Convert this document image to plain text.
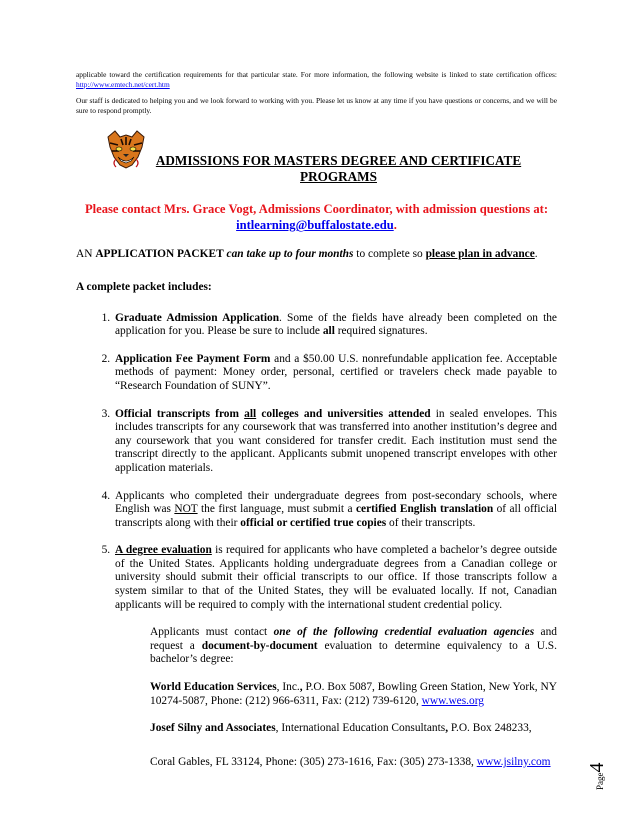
applicable toward the certification requirements for that particular state. For more information, the following website is linked to state certification offices: http://www.emtech.net/cert.htm

Our staff is dedicated to helping you and we look forward to working with you. Please let us know at any time if you have questions or concerns, and we will be sure to respond promptly.

ADMISSIONS FOR MASTERS DEGREE AND CERTIFICATE PROGRAMS
Please contact Mrs. Grace Vogt, Admissions Coordinator, with admission questions at: intlearning@buffalostate.edu.
AN APPLICATION PACKET can take up to four months to complete so please plan in advance.
A complete packet includes:
1. Graduate Admission Application. Some of the fields have already been completed on the application for you. Please be sure to include all required signatures.
2. Application Fee Payment Form and a $50.00 U.S. nonrefundable application fee. Acceptable methods of payment: Money order, personal, certified or travelers check made payable to “Research Foundation of SUNY”.
3. Official transcripts from all colleges and universities attended in sealed envelopes. This includes transcripts for any coursework that was transferred into another institution’s degree and any coursework that you want considered for transfer credit. Each institution must send the transcript directly to the applicant. Applicants submit unopened transcript envelopes with other application materials.
4. Applicants who completed their undergraduate degrees from post-secondary schools, where English was NOT the first language, must submit a certified English translation of all official transcripts along with their official or certified true copies of their transcripts.
5. A degree evaluation is required for applicants who have completed a bachelor’s degree outside of the United States. Applicants holding undergraduate degrees from a Canadian college or university should submit their official transcripts to our office. If those transcripts follow a system similar to that of the United States, they will be evaluated locally. If not, Canadian applicants will be required to comply with the international student credential policy.

Applicants must contact one of the following credential evaluation agencies and request a document-by-document evaluation to determine equivalency to a U.S. bachelor’s degree:

World Education Services, Inc., P.O. Box 5087, Bowling Green Station, New York, NY 10274-5087, Phone: (212) 966-6311, Fax: (212) 739-6120, www.wes.org

Josef Silny and Associates, International Education Consultants, P.O. Box 248233,

Coral Gables, FL 33124, Phone: (305) 273-1616, Fax: (305) 273-1338, www.jsilny.com

Page4
